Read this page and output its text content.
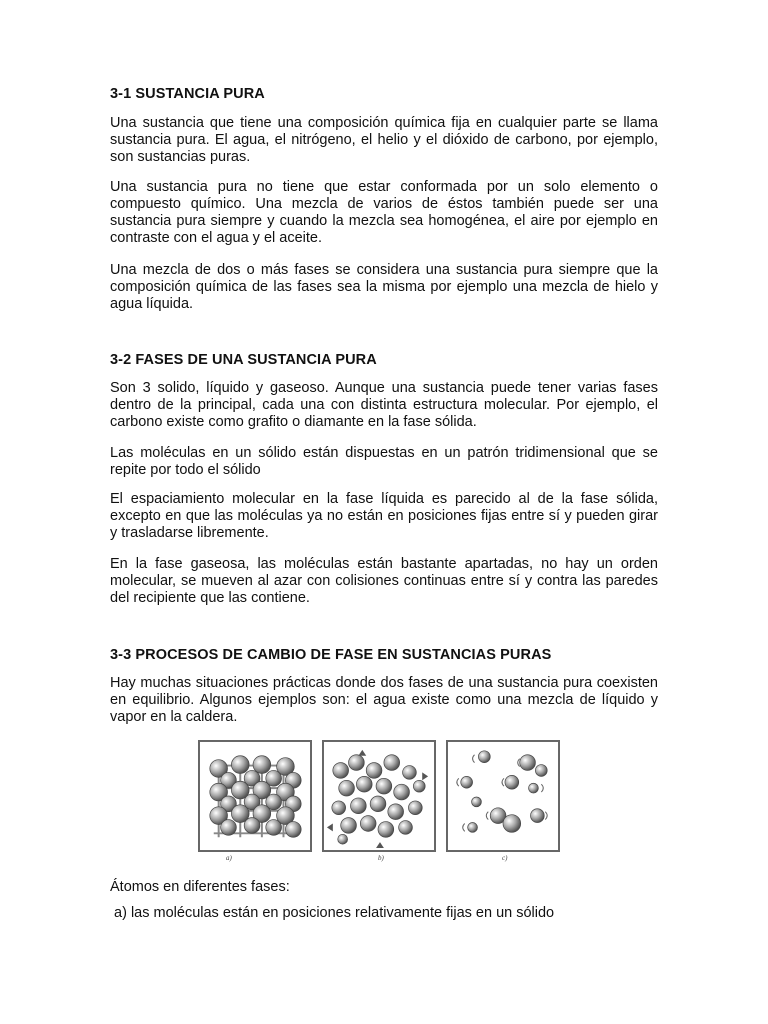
3-1 SUSTANCIA PURA

Una sustancia que tiene una composición química fija en cualquier parte se llama sustancia pura. El agua, el nitrógeno, el helio y el dióxido de carbono, por ejemplo, son sustancias puras.

Una sustancia pura no tiene que estar conformada por un solo elemento o compuesto químico. Una mezcla de varios de éstos también puede ser una sustancia pura siempre y cuando la mezcla sea homogénea, el aire por ejemplo en contraste con el agua y el aceite.

Una mezcla de dos o más fases se considera una sustancia pura siempre que la composición química de las fases sea la misma por ejemplo una mezcla de hielo y agua líquida.

3-2 FASES DE UNA SUSTANCIA PURA

Son 3 solido, líquido y gaseoso. Aunque una sustancia puede tener varias fases dentro de la principal, cada una con distinta estructura molecular. Por ejemplo, el carbono existe como grafito o diamante en la fase sólida.

Las moléculas en un sólido están dispuestas en un patrón tridimensional que se repite por todo el sólido

El espaciamiento molecular en la fase líquida es parecido al de la fase sólida, excepto en que las moléculas ya no están en posiciones fijas entre sí y pueden girar y trasladarse libremente.

En la fase gaseosa, las moléculas están bastante apartadas, no hay un orden molecular, se mueven al azar con colisiones continuas entre sí y contra las paredes del recipiente que las contiene.

3-3 PROCESOS DE CAMBIO DE FASE EN SUSTANCIAS PURAS

Hay muchas situaciones prácticas donde dos fases de una sustancia pura coexisten en equilibrio. Algunos ejemplos son: el agua existe como una mezcla de líquido y vapor en la caldera.

a)	b)	c)

Átomos en diferentes fases:

a) las moléculas están en posiciones relativamente fijas en un sólido
